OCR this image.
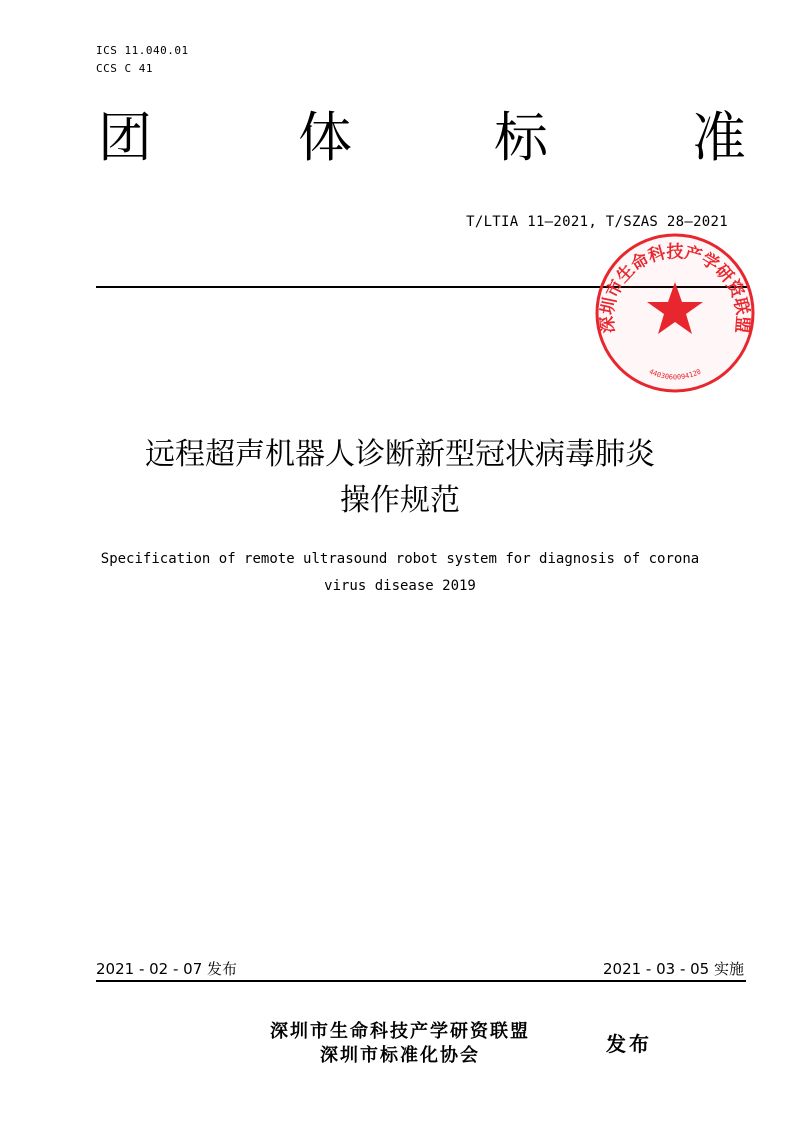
ICS 11.040.01
CCS C 41
团	体	标	准
T/LTIA 11—2021, T/SZAS 28—2021
深圳市生命科技产学研资联盟
4403060094120
远程超声机器人诊断新型冠状病毒肺炎
操作规范
Specification of remote ultrasound robot system for diagnosis of corona
virus disease 2019
2021 - 02 - 07 发布	2021 - 03 - 05 实施
深圳市生命科技产学研资联盟
深圳市标准化协会	发布
